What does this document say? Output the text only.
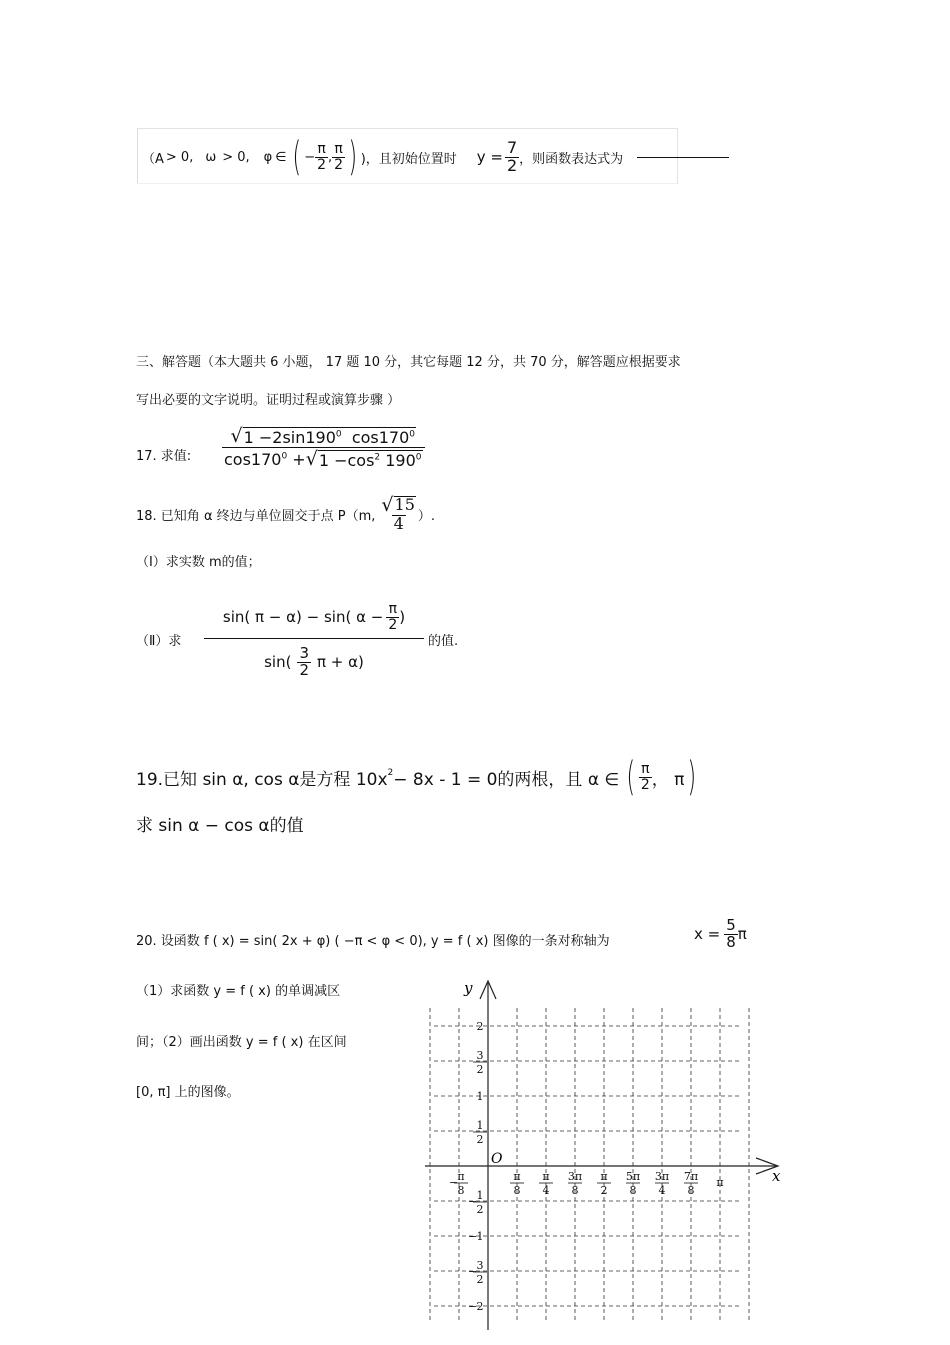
（A > 0, ω > 0, φ ∈ ( − $\frac{\pi}{2}$ , $\frac{\pi}{2}$ ) )，且初始位置时 $y = \frac{7}{2}$ ，则函数表达式为
三、解答题（本大题共 6 小题， 17 题 10 分，其它每题 12 分，共 70 分，解答题应根据要求
写出必要的文字说明。证明过程或演算步骤 ）
17. 求值: $\frac{√ 1 -2\sin 190^0 \cos 170^0}{\cos 170^0 + √ 1 -\cos^2 190^0}$
18. 已知角 α 终边与单位圆交于点 P（m, $\frac{√ 15}{4}$ ）.
（Ⅰ）求实数 m的值；
（Ⅱ）求
sin( π − α) − sin( $\alpha - \frac{\pi}{2}$ )
$\sin( \frac{3}{2}$ π + α)
的值.
19.已知 sin α, cos α是方程 $10x^2 - 8x - 1 = 0$的两根，且 α ∈ ( $\frac{\pi}{2}$ ， π )
求 sin α − cos α的值
20. 设函数 f ( x) = sin( 2x + φ) ( −π < φ < 0), y = f ( x) 图像的一条对称轴为	$x = \frac{5}{8}$ π
（1）求函数 y = f ( x) 的单调减区
间；（2）画出函数 y = f ( x) 在区间
[0, π] 上的图像。
y
x
O
2
3
2
1
1
2
− 1
2
− 1
− 3
2
− 2
− π
8
π
8
π
4
3π
8
π
2
5π
8
3π
4
7π
8
π
